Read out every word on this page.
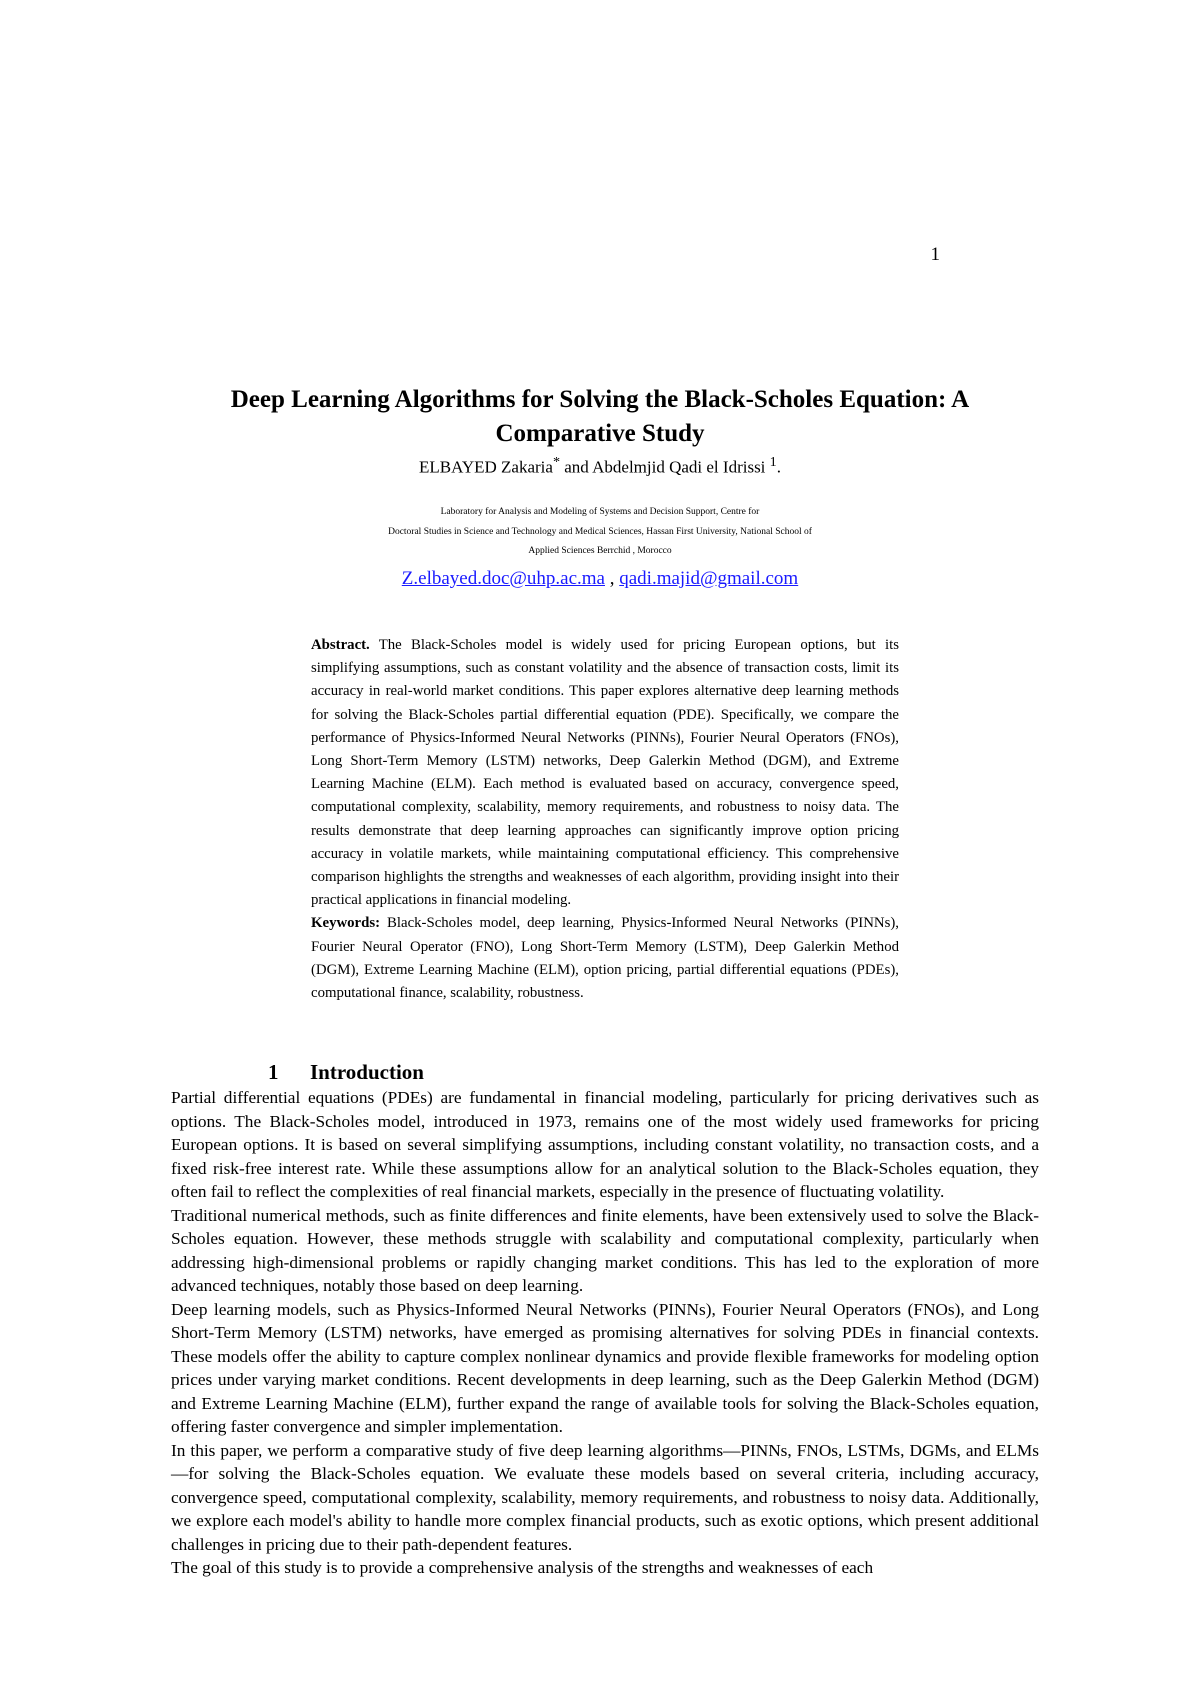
1
Deep Learning Algorithms for Solving the Black-Scholes Equation: A
Comparative Study
ELBAYED Zakaria* and Abdelmjid Qadi el Idrissi $^1$.
Laboratory for Analysis and Modeling of Systems and Decision Support, Centre for
Doctoral Studies in Science and Technology and Medical Sciences, Hassan First University, National School of
Applied Sciences Berrchid , Morocco
Z.elbayed.doc@uhp.ac.ma , qadi.majid@gmail.com

Abstract. The Black-Scholes model is widely used for pricing European options, but its simplifying assumptions, such as constant volatility and the absence of transaction costs, limit its accuracy in real-world market conditions. This paper explores alternative deep learning methods for solving the Black-Scholes partial differential equation (PDE). Specifically, we compare the performance of Physics-Informed Neural Networks (PINNs), Fourier Neural Operators (FNOs), Long Short-Term Memory (LSTM) networks, Deep Galerkin Method (DGM), and Extreme Learning Machine (ELM). Each method is evaluated based on accuracy, convergence speed, computational complexity, scalability, memory requirements, and robustness to noisy data. The results demonstrate that deep learning approaches can significantly improve option pricing accuracy in volatile markets, while maintaining computational efficiency. This comprehensive comparison highlights the strengths and weaknesses of each algorithm, providing insight into their practical applications in financial modeling.

Keywords: Black-Scholes model, deep learning, Physics-Informed Neural Networks (PINNs), Fourier Neural Operator (FNO), Long Short-Term Memory (LSTM), Deep Galerkin Method (DGM), Extreme Learning Machine (ELM), option pricing, partial differential equations (PDEs), computational finance, scalability, robustness.

1 Introduction

Partial differential equations (PDEs) are fundamental in financial modeling, particularly for pricing derivatives such as options. The Black-Scholes model, introduced in 1973, remains one of the most widely used frameworks for pricing European options. It is based on several simplifying assumptions, including constant volatility, no transaction costs, and a fixed risk-free interest rate. While these assumptions allow for an analytical solution to the Black-Scholes equation, they often fail to reflect the complexities of real financial markets, especially in the presence of fluctuating volatility.

Traditional numerical methods, such as finite differences and finite elements, have been extensively used to solve the Black-Scholes equation. However, these methods struggle with scalability and computational complexity, particularly when addressing high-dimensional problems or rapidly changing market conditions. This has led to the exploration of more advanced techniques, notably those based on deep learning.

Deep learning models, such as Physics-Informed Neural Networks (PINNs), Fourier Neural Operators (FNOs), and Long Short-Term Memory (LSTM) networks, have emerged as promising alternatives for solving PDEs in financial contexts. These models offer the ability to capture complex nonlinear dynamics and provide flexible frameworks for modeling option prices under varying market conditions. Recent developments in deep learning, such as the Deep Galerkin Method (DGM) and Extreme Learning Machine (ELM), further expand the range of available tools for solving the Black-Scholes equation, offering faster convergence and simpler implementation.

In this paper, we perform a comparative study of five deep learning algorithms—PINNs, FNOs, LSTMs, DGMs, and ELMs—for solving the Black-Scholes equation. We evaluate these models based on several criteria, including accuracy, convergence speed, computational complexity, scalability, memory requirements, and robustness to noisy data. Additionally, we explore each model's ability to handle more complex financial products, such as exotic options, which present additional challenges in pricing due to their path-dependent features.

The goal of this study is to provide a comprehensive analysis of the strengths and weaknesses of each
